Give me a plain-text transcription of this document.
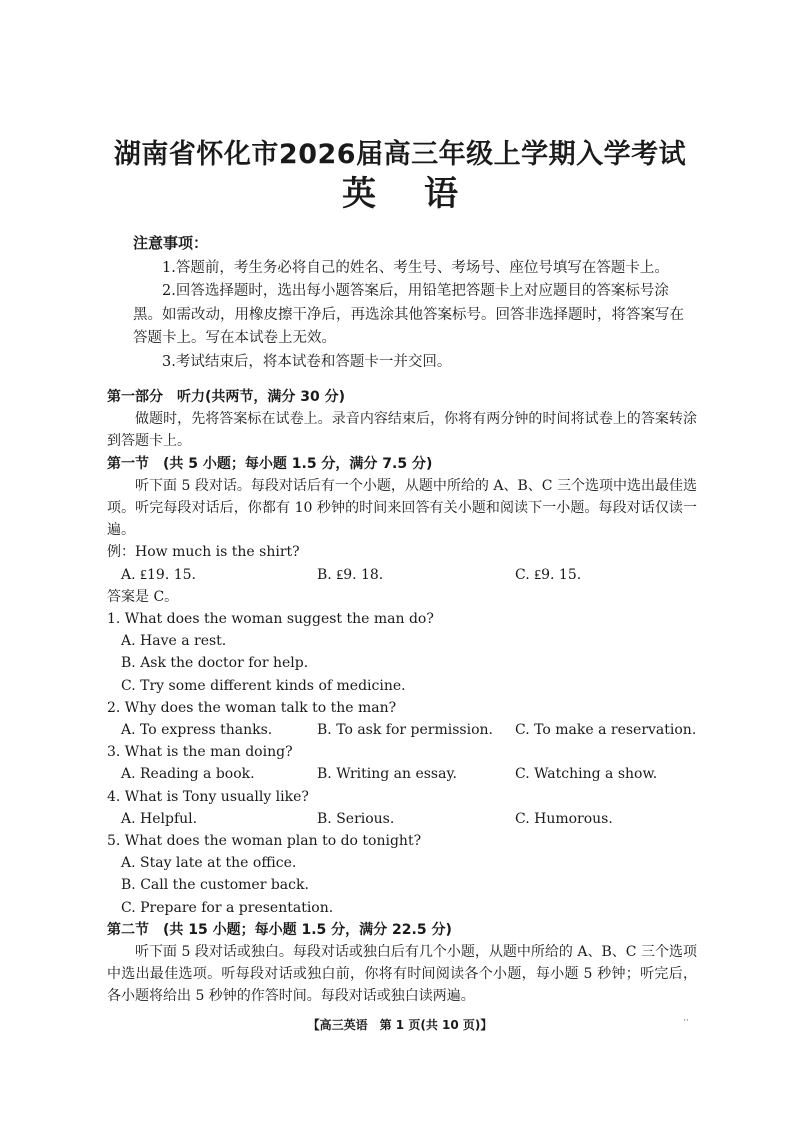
湖南省怀化市2026届高三年级上学期入学考试
英语
注意事项：
1.答题前，考生务必将自己的姓名、考生号、考场号、座位号填写在答题卡上。
2.回答选择题时，选出每小题答案后，用铅笔把答题卡上对应题目的答案标号涂黑。如需改动，用橡皮擦干净后，再选涂其他答案标号。回答非选择题时，将答案写在答题卡上。写在本试卷上无效。
3.考试结束后，将本试卷和答题卡一并交回。
第一部分　听力(共两节，满分 30 分)
做题时，先将答案标在试卷上。录音内容结束后，你将有两分钟的时间将试卷上的答案转涂到答题卡上。
第一节　(共 5 小题；每小题 1.5 分，满分 7.5 分)
听下面 5 段对话。每段对话后有一个小题，从题中所给的 A、B、C 三个选项中选出最佳选项。听完每段对话后，你都有 10 秒钟的时间来回答有关小题和阅读下一小题。每段对话仅读一遍。
例：How much is the shirt?
A. ₤19. 15.	B. ₤9. 18.	C. ₤9. 15.
答案是 C。
1. What does the woman suggest the man do?
A. Have a rest.
B. Ask the doctor for help.
C. Try some different kinds of medicine.
2. Why does the woman talk to the man?
A. To express thanks.	B. To ask for permission.	C. To make a reservation.
3. What is the man doing?
A. Reading a book.	B. Writing an essay.	C. Watching a show.
4. What is Tony usually like?
A. Helpful.	B. Serious.	C. Humorous.
5. What does the woman plan to do tonight?
A. Stay late at the office.
B. Call the customer back.
C. Prepare for a presentation.
第二节　(共 15 小题；每小题 1.5 分，满分 22.5 分)
听下面 5 段对话或独白。每段对话或独白后有几个小题，从题中所给的 A、B、C 三个选项中选出最佳选项。听每段对话或独白前，你将有时间阅读各个小题，每小题 5 秒钟；听完后，各小题将给出 5 秒钟的作答时间。每段对话或独白读两遍。
【高三英语　第 1 页(共 10 页)】	··
